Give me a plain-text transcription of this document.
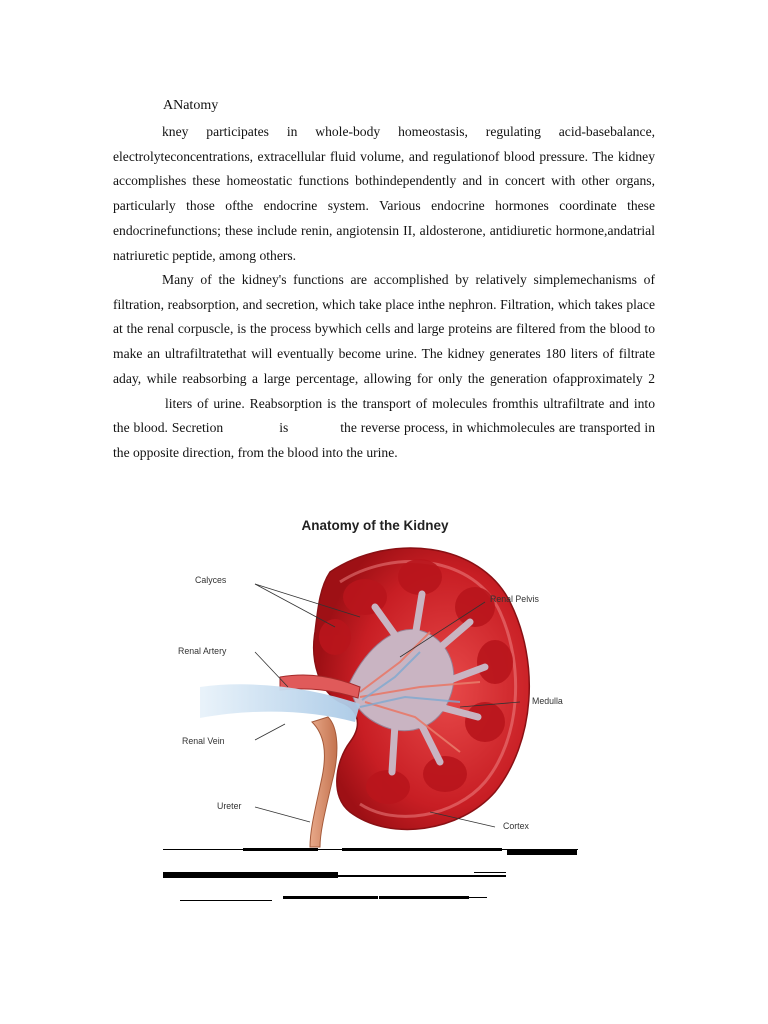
ANatomy

kney participates in whole-body homeostasis, regulating acid-basebalance, electrolyteconcentrations, extracellular fluid volume, and regulationof blood pressure. The kidney accomplishes these homeostatic functions bothindependently and in concert with other organs, particularly those ofthe endocrine system. Various endocrine hormones coordinate these endocrinefunctions; these include renin, angiotensin II, aldosterone, antidiuretic hormone,andatrial natriuretic peptide, among others.

Many of the kidney's functions are accomplished by relatively simplemechanisms of filtration, reabsorption, and secretion, which take place inthe nephron. Filtration, which takes place at the renal corpuscle, is the process bywhich cells and large proteins are filtered from the blood to make an ultrafiltratethat will eventually become urine. The kidney generates 180 liters of filtrate aday, while reabsorbing a large percentage, allowing for only the generation ofapproximately 2liters of urine. Reabsorption is the transport of molecules fromthis ultrafiltrate and into the blood. Secretion	is	the reverse process, in whichmolecules are transported in the opposite direction, from the blood into the urine.

Anatomy of the Kidney
Calyces
Renal Pelvis
Renal Artery
Medulla
Renal Vein
Ureter
Cortex
